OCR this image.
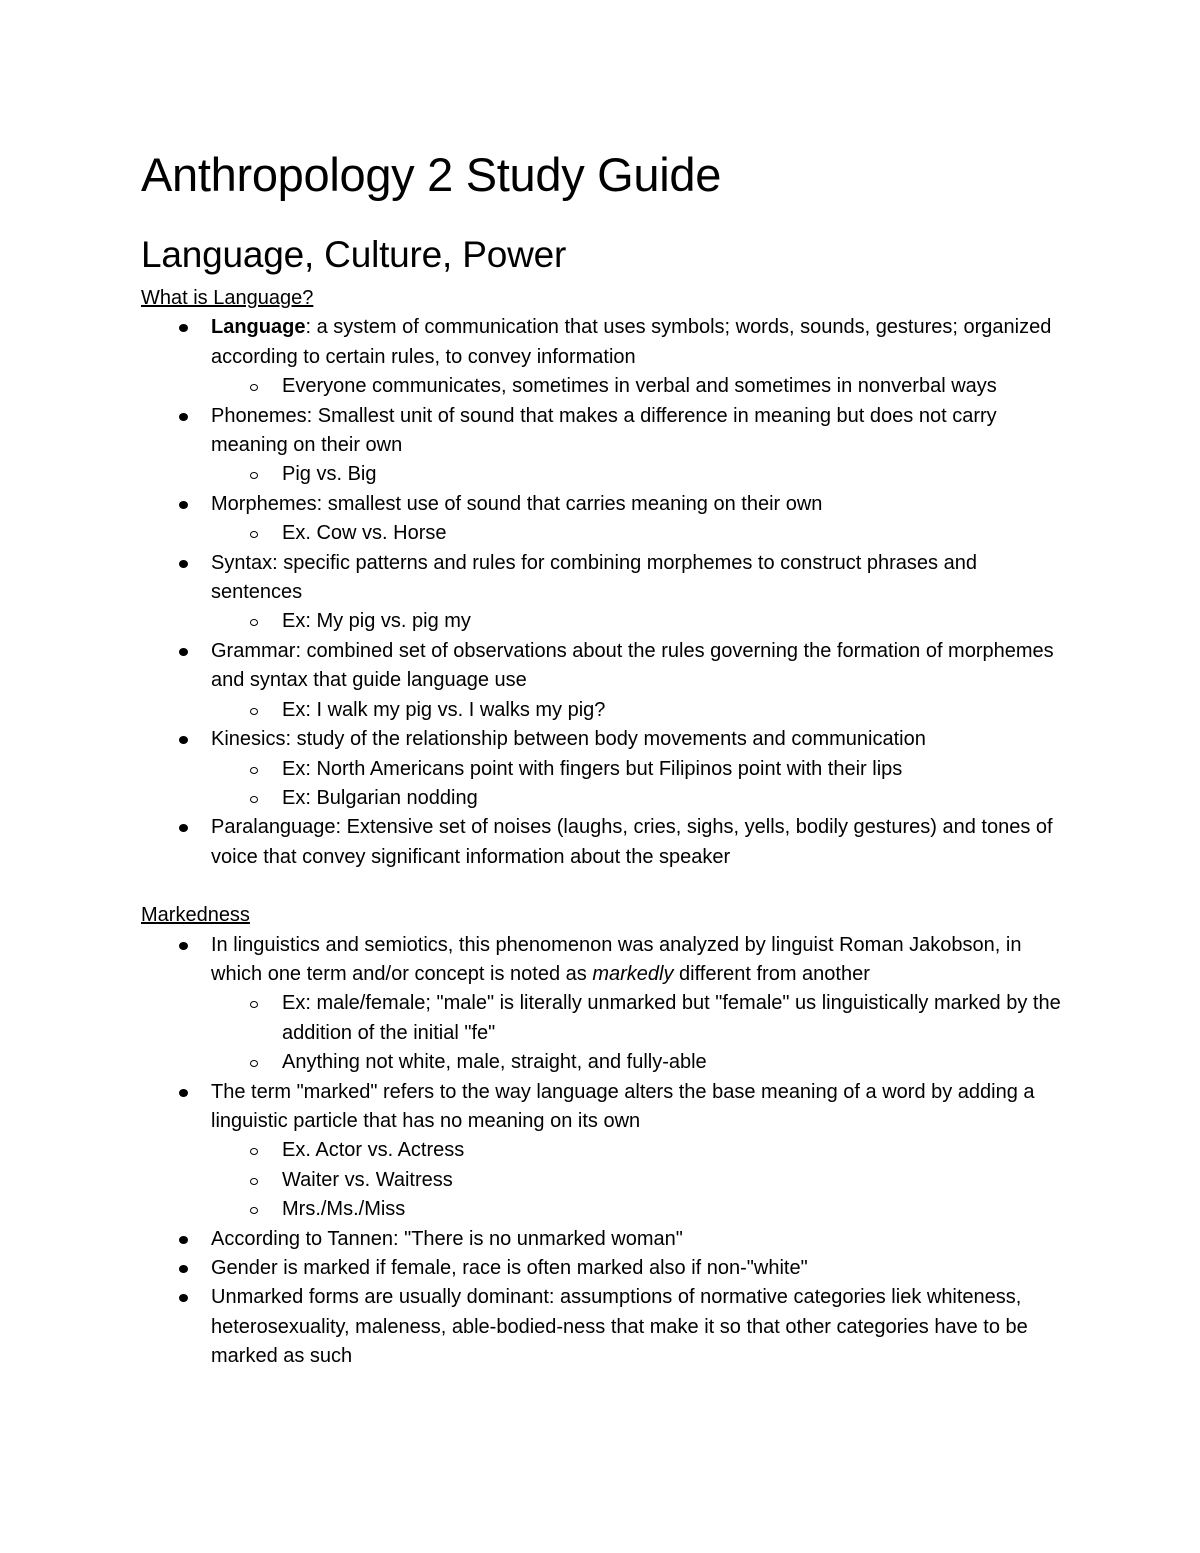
Anthropology 2 Study Guide
Language, Culture, Power
What is Language?
Language: a system of communication that uses symbols; words, sounds, gestures; organized according to certain rules, to convey information
Everyone communicates, sometimes in verbal and sometimes in nonverbal ways
Phonemes: Smallest unit of sound that makes a difference in meaning but does not carry meaning on their own
Pig vs. Big
Morphemes: smallest use of sound that carries meaning on their own
Ex. Cow vs. Horse
Syntax: specific patterns and rules for combining morphemes to construct phrases and sentences
Ex: My pig vs. pig my
Grammar: combined set of observations about the rules governing the formation of morphemes and syntax that guide language use
Ex: I walk my pig vs. I walks my pig?
Kinesics: study of the relationship between body movements and communication
Ex: North Americans point with fingers but Filipinos point with their lips
Ex: Bulgarian nodding
Paralanguage: Extensive set of noises (laughs, cries, sighs, yells, bodily gestures) and tones of voice that convey significant information about the speaker
Markedness
In linguistics and semiotics, this phenomenon was analyzed by linguist Roman Jakobson, in which one term and/or concept is noted as markedly different from another
Ex: male/female; "male" is literally unmarked but "female" us linguistically marked by the addition of the initial "fe"
Anything not white, male, straight, and fully-able
The term "marked" refers to the way language alters the base meaning of a word by adding a linguistic particle that has no meaning on its own
Ex. Actor vs. Actress
Waiter vs. Waitress
Mrs./Ms./Miss
According to Tannen: "There is no unmarked woman"
Gender is marked if female, race is often marked also if non-"white"
Unmarked forms are usually dominant: assumptions of normative categories liek whiteness, heterosexuality, maleness, able-bodied-ness that make it so that other categories have to be marked as such
